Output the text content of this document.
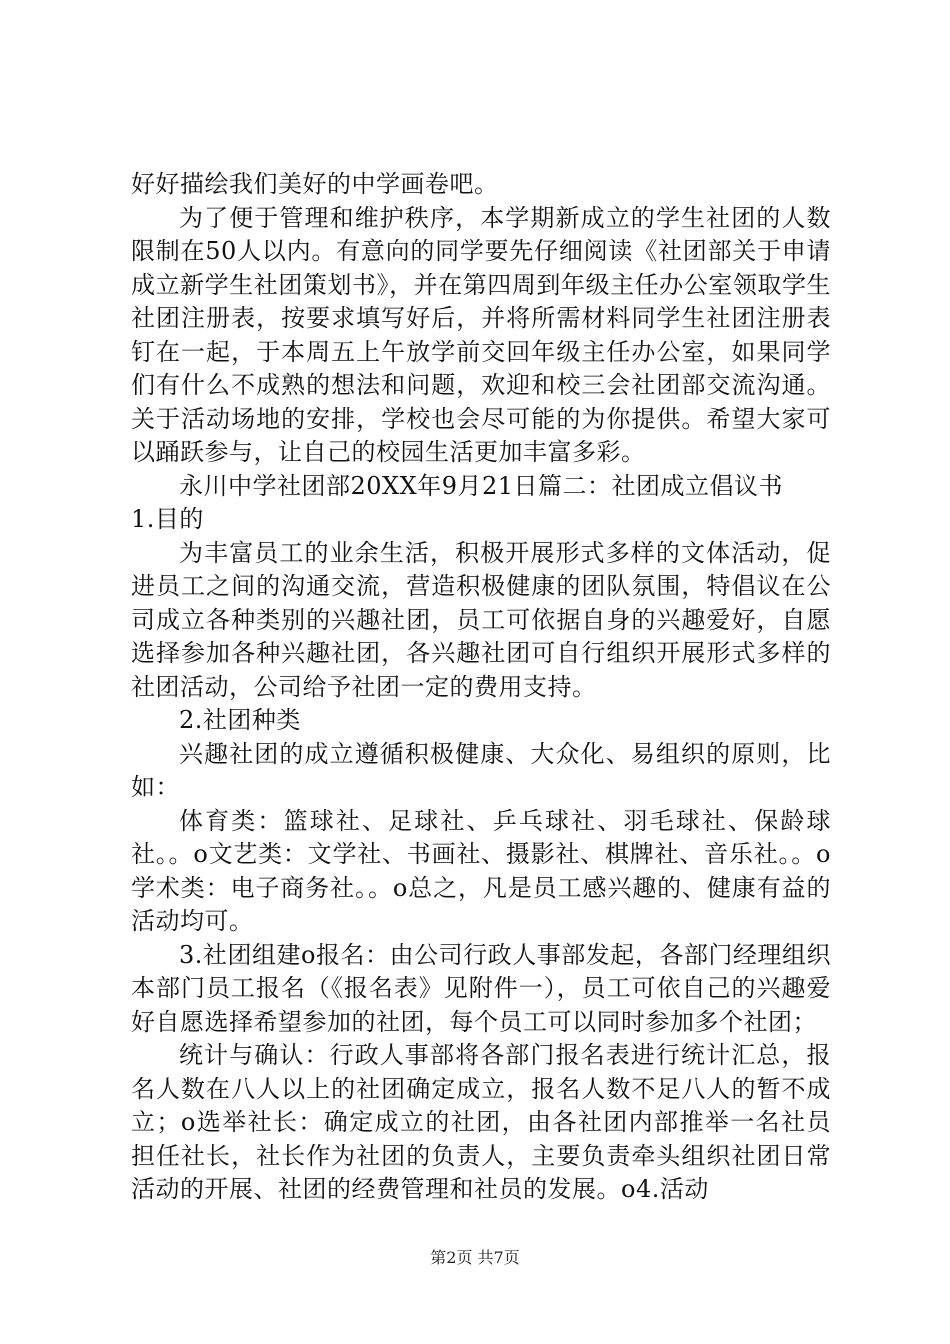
好好描绘我们美好的中学画卷吧。

为了便于管理和维护秩序，本学期新成立的学生社团的人数限制在50人以内。有意向的同学要先仔细阅读《社团部关于申请成立新学生社团策划书》，并在第四周到年级主任办公室领取学生社团注册表，按要求填写好后，并将所需材料同学生社团注册表钉在一起，于本周五上午放学前交回年级主任办公室，如果同学们有什么不成熟的想法和问题，欢迎和校三会社团部交流沟通。关于活动场地的安排，学校也会尽可能的为你提供。希望大家可以踊跃参与，让自己的校园生活更加丰富多彩。

永川中学社团部20XX年9月21日篇二：社团成立倡议书

1.目的

为丰富员工的业余生活，积极开展形式多样的文体活动，促进员工之间的沟通交流，营造积极健康的团队氛围，特倡议在公司成立各种类别的兴趣社团，员工可依据自身的兴趣爱好，自愿选择参加各种兴趣社团，各兴趣社团可自行组织开展形式多样的社团活动，公司给予社团一定的费用支持。

2.社团种类

兴趣社团的成立遵循积极健康、大众化、易组织的原则，比如：

体育类：篮球社、足球社、乒乓球社、羽毛球社、保龄球社。。o文艺类：文学社、书画社、摄影社、棋牌社、音乐社。。o学术类：电子商务社。。o总之，凡是员工感兴趣的、健康有益的活动均可。

3.社团组建o报名：由公司行政人事部发起，各部门经理组织本部门员工报名（《报名表》见附件一），员工可依自己的兴趣爱好自愿选择希望参加的社团，每个员工可以同时参加多个社团；

统计与确认：行政人事部将各部门报名表进行统计汇总，报名人数在八人以上的社团确定成立，报名人数不足八人的暂不成立；o选举社长：确定成立的社团，由各社团内部推举一名社员担任社长，社长作为社团的负责人，主要负责牵头组织社团日常活动的开展、社团的经费管理和社员的发展。o4.活动

第2页 共7页
